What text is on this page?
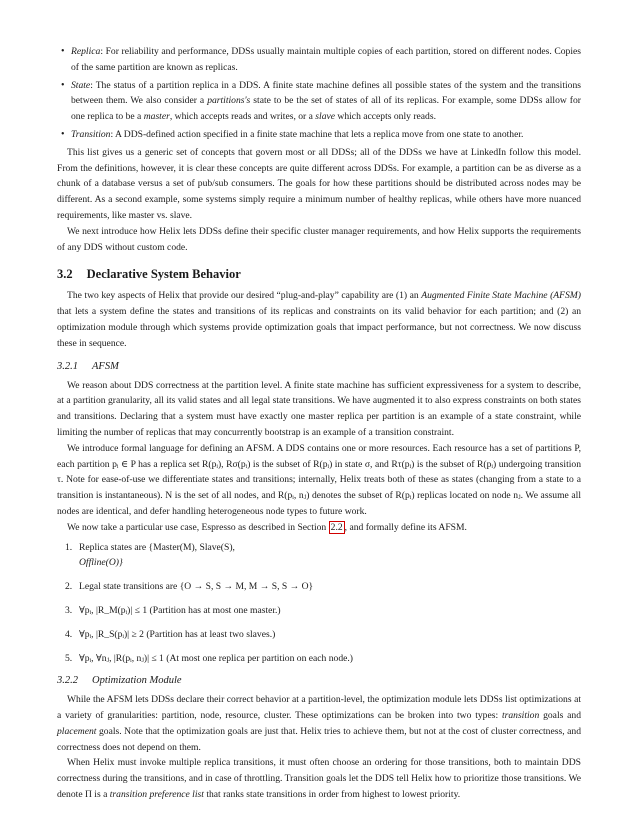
• Replica: For reliability and performance, DDSs usually maintain multiple copies of each partition, stored on different nodes. Copies of the same partition are known as replicas.
• State: The status of a partition replica in a DDS. A finite state machine defines all possible states of the system and the transitions between them. We also consider a partitions's state to be the set of states of all of its replicas. For example, some DDSs allow for one replica to be a master, which accepts reads and writes, or a slave which accepts only reads.
• Transition: A DDS-defined action specified in a finite state machine that lets a replica move from one state to another.

This list gives us a generic set of concepts that govern most or all DDSs; all of the DDSs we have at LinkedIn follow this model. From the definitions, however, it is clear these concepts are quite different across DDSs. For example, a partition can be as diverse as a chunk of a database versus a set of pub/sub consumers. The goals for how these partitions should be distributed across nodes may be different. As a second example, some systems simply require a minimum number of healthy replicas, while others have more nuanced requirements, like master vs. slave.

We next introduce how Helix lets DDSs define their specific cluster manager requirements, and how Helix supports the requirements of any DDS without custom code.

3.2 Declarative System Behavior

The two key aspects of Helix that provide our desired “plug-and-play” capability are (1) an Augmented Finite State Machine (AFSM) that lets a system define the states and transitions of its replicas and constraints on its valid behavior for each partition; and (2) an optimization module through which systems provide optimization goals that impact performance, but not correctness. We now discuss these in sequence.

3.2.1 AFSM

We reason about DDS correctness at the partition level. A finite state machine has sufficient expressiveness for a system to describe, at a partition granularity, all its valid states and all legal state transitions. We have augmented it to also express constraints on both states and transitions. Declaring that a system must have exactly one master replica per partition is an example of a state constraint, while limiting the number of replicas that may concurrently bootstrap is an example of a transition constraint.

We introduce formal language for defining an AFSM. A DDS contains one or more resources. Each resource has a set of partitions P, each partition pᵢ ∈ P has a replica set R(pᵢ), Rσ(pᵢ) is the subset of R(pᵢ) in state σ, and Rτ(pᵢ) is the subset of R(pᵢ) undergoing transition τ. Note for ease-of-use we differentiate states and transitions; internally, Helix treats both of these as states (changing from a state to a transition is instantaneous). N is the set of all nodes, and R(pᵢ, nⱼ) denotes the subset of R(pᵢ) replicas located on node nⱼ. We assume all nodes are identical, and defer handling heterogeneous node types to future work.

We now take a particular use case, Espresso as described in Section 2.2 , and formally define its AFSM.

1. Replica states are {Master(M), Slave(S),
Offline(O)}
2. Legal state transitions are {O → S, S → M, M → S, S → O}
3. ∀pᵢ, |R_M(pᵢ)| ≤ 1 (Partition has at most one master.)
4. ∀pᵢ, |R_S(pᵢ)| ≥ 2 (Partition has at least two slaves.)
5. ∀pᵢ, ∀nⱼ, |R(pᵢ, nⱼ)| ≤ 1 (At most one replica per partition on each node.)
3.2.2 Optimization Module

While the AFSM lets DDSs declare their correct behavior at a partition-level, the optimization module lets DDSs list optimizations at a variety of granularities: partition, node, resource, cluster. These optimizations can be broken into two types: transition goals and placement goals. Note that the optimization goals are just that. Helix tries to achieve them, but not at the cost of cluster correctness, and correctness does not depend on them.

When Helix must invoke multiple replica transitions, it must often choose an ordering for those transitions, both to maintain DDS correctness during the transitions, and in case of throttling. Transition goals let the DDS tell Helix how to prioritize those transitions. We denote Π is a transition preference list that ranks state transitions in order from highest to lowest priority.
